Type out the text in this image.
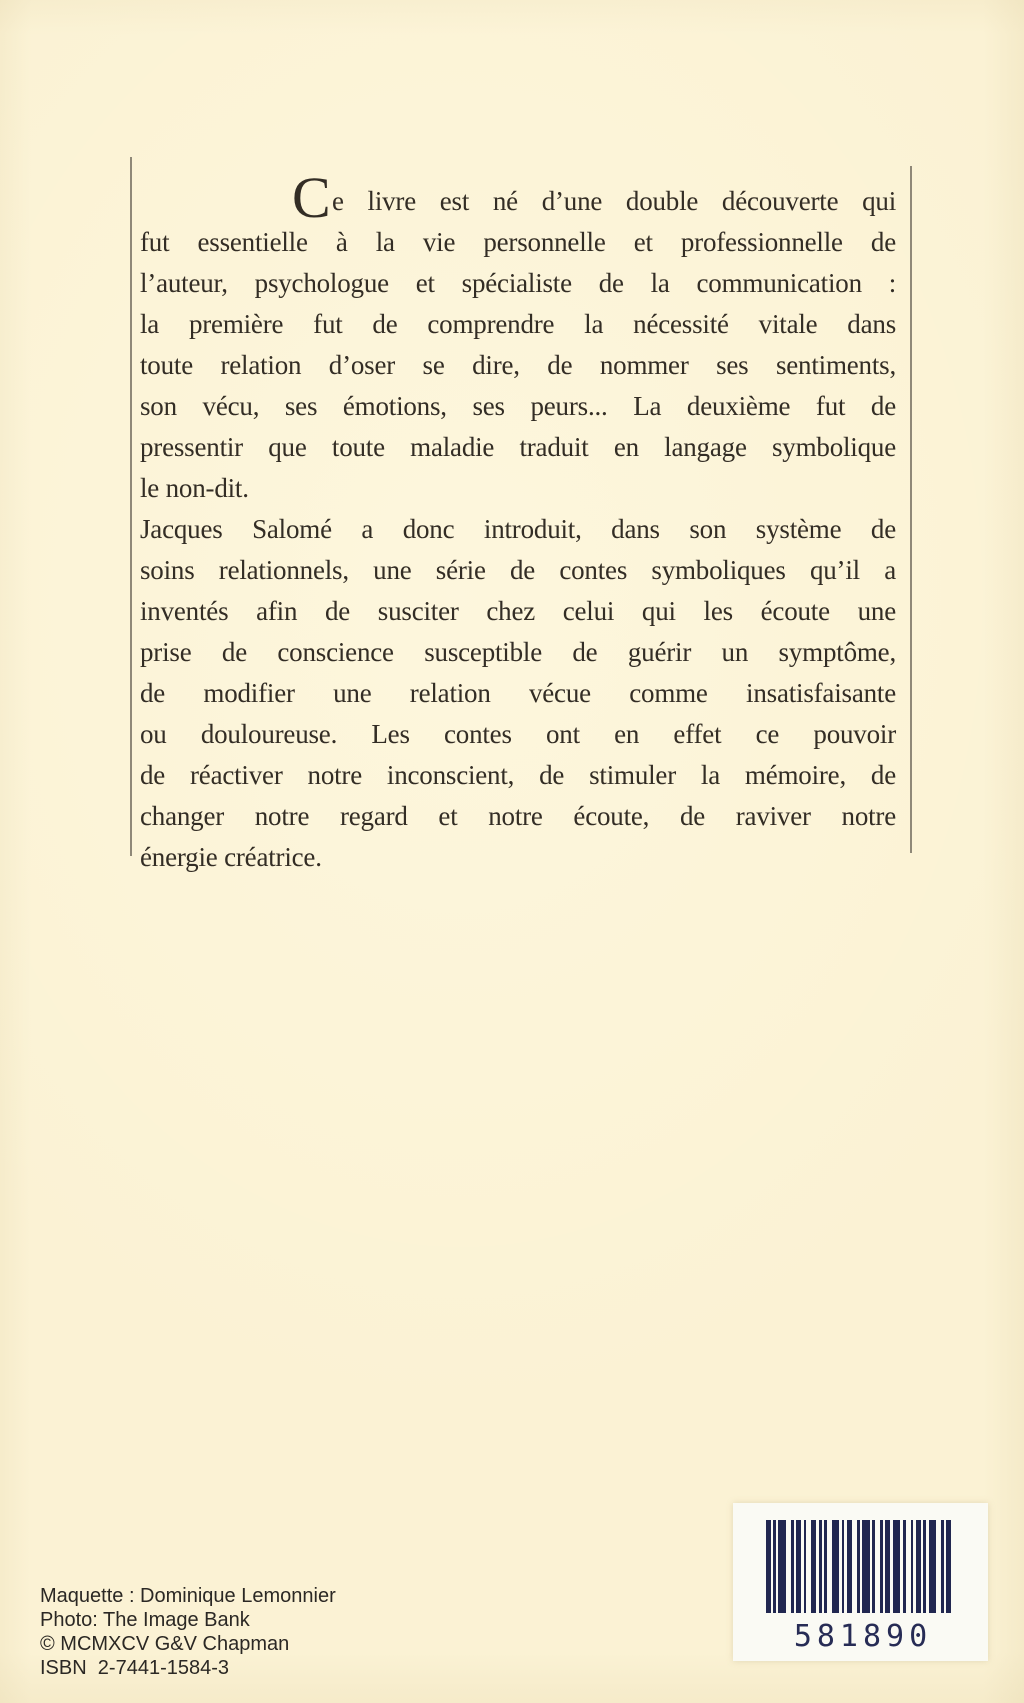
C e livre est né d’une double découverte qui
fut essentielle à la vie personnelle et professionnelle de
l’auteur, psychologue et spécialiste de la communication :
la première fut de comprendre la nécessité vitale dans
toute relation d’oser se dire, de nommer ses sentiments,
son vécu, ses émotions, ses peurs... La deuxième fut de
pressentir que toute maladie traduit en langage symbolique
le non-dit.
Jacques Salomé a donc introduit, dans son système de
soins relationnels, une série de contes symboliques qu’il a
inventés afin de susciter chez celui qui les écoute une
prise de conscience susceptible de guérir un symptôme,
de modifier une relation vécue comme insatisfaisante
ou douloureuse. Les contes ont en effet ce pouvoir
de réactiver notre inconscient, de stimuler la mémoire, de
changer notre regard et notre écoute, de raviver notre
énergie créatrice.
Maquette : Dominique Lemonnier
Photo: The Image Bank
© MCMXCV G&V Chapman
ISBN  2-7441-1584-3
581890
